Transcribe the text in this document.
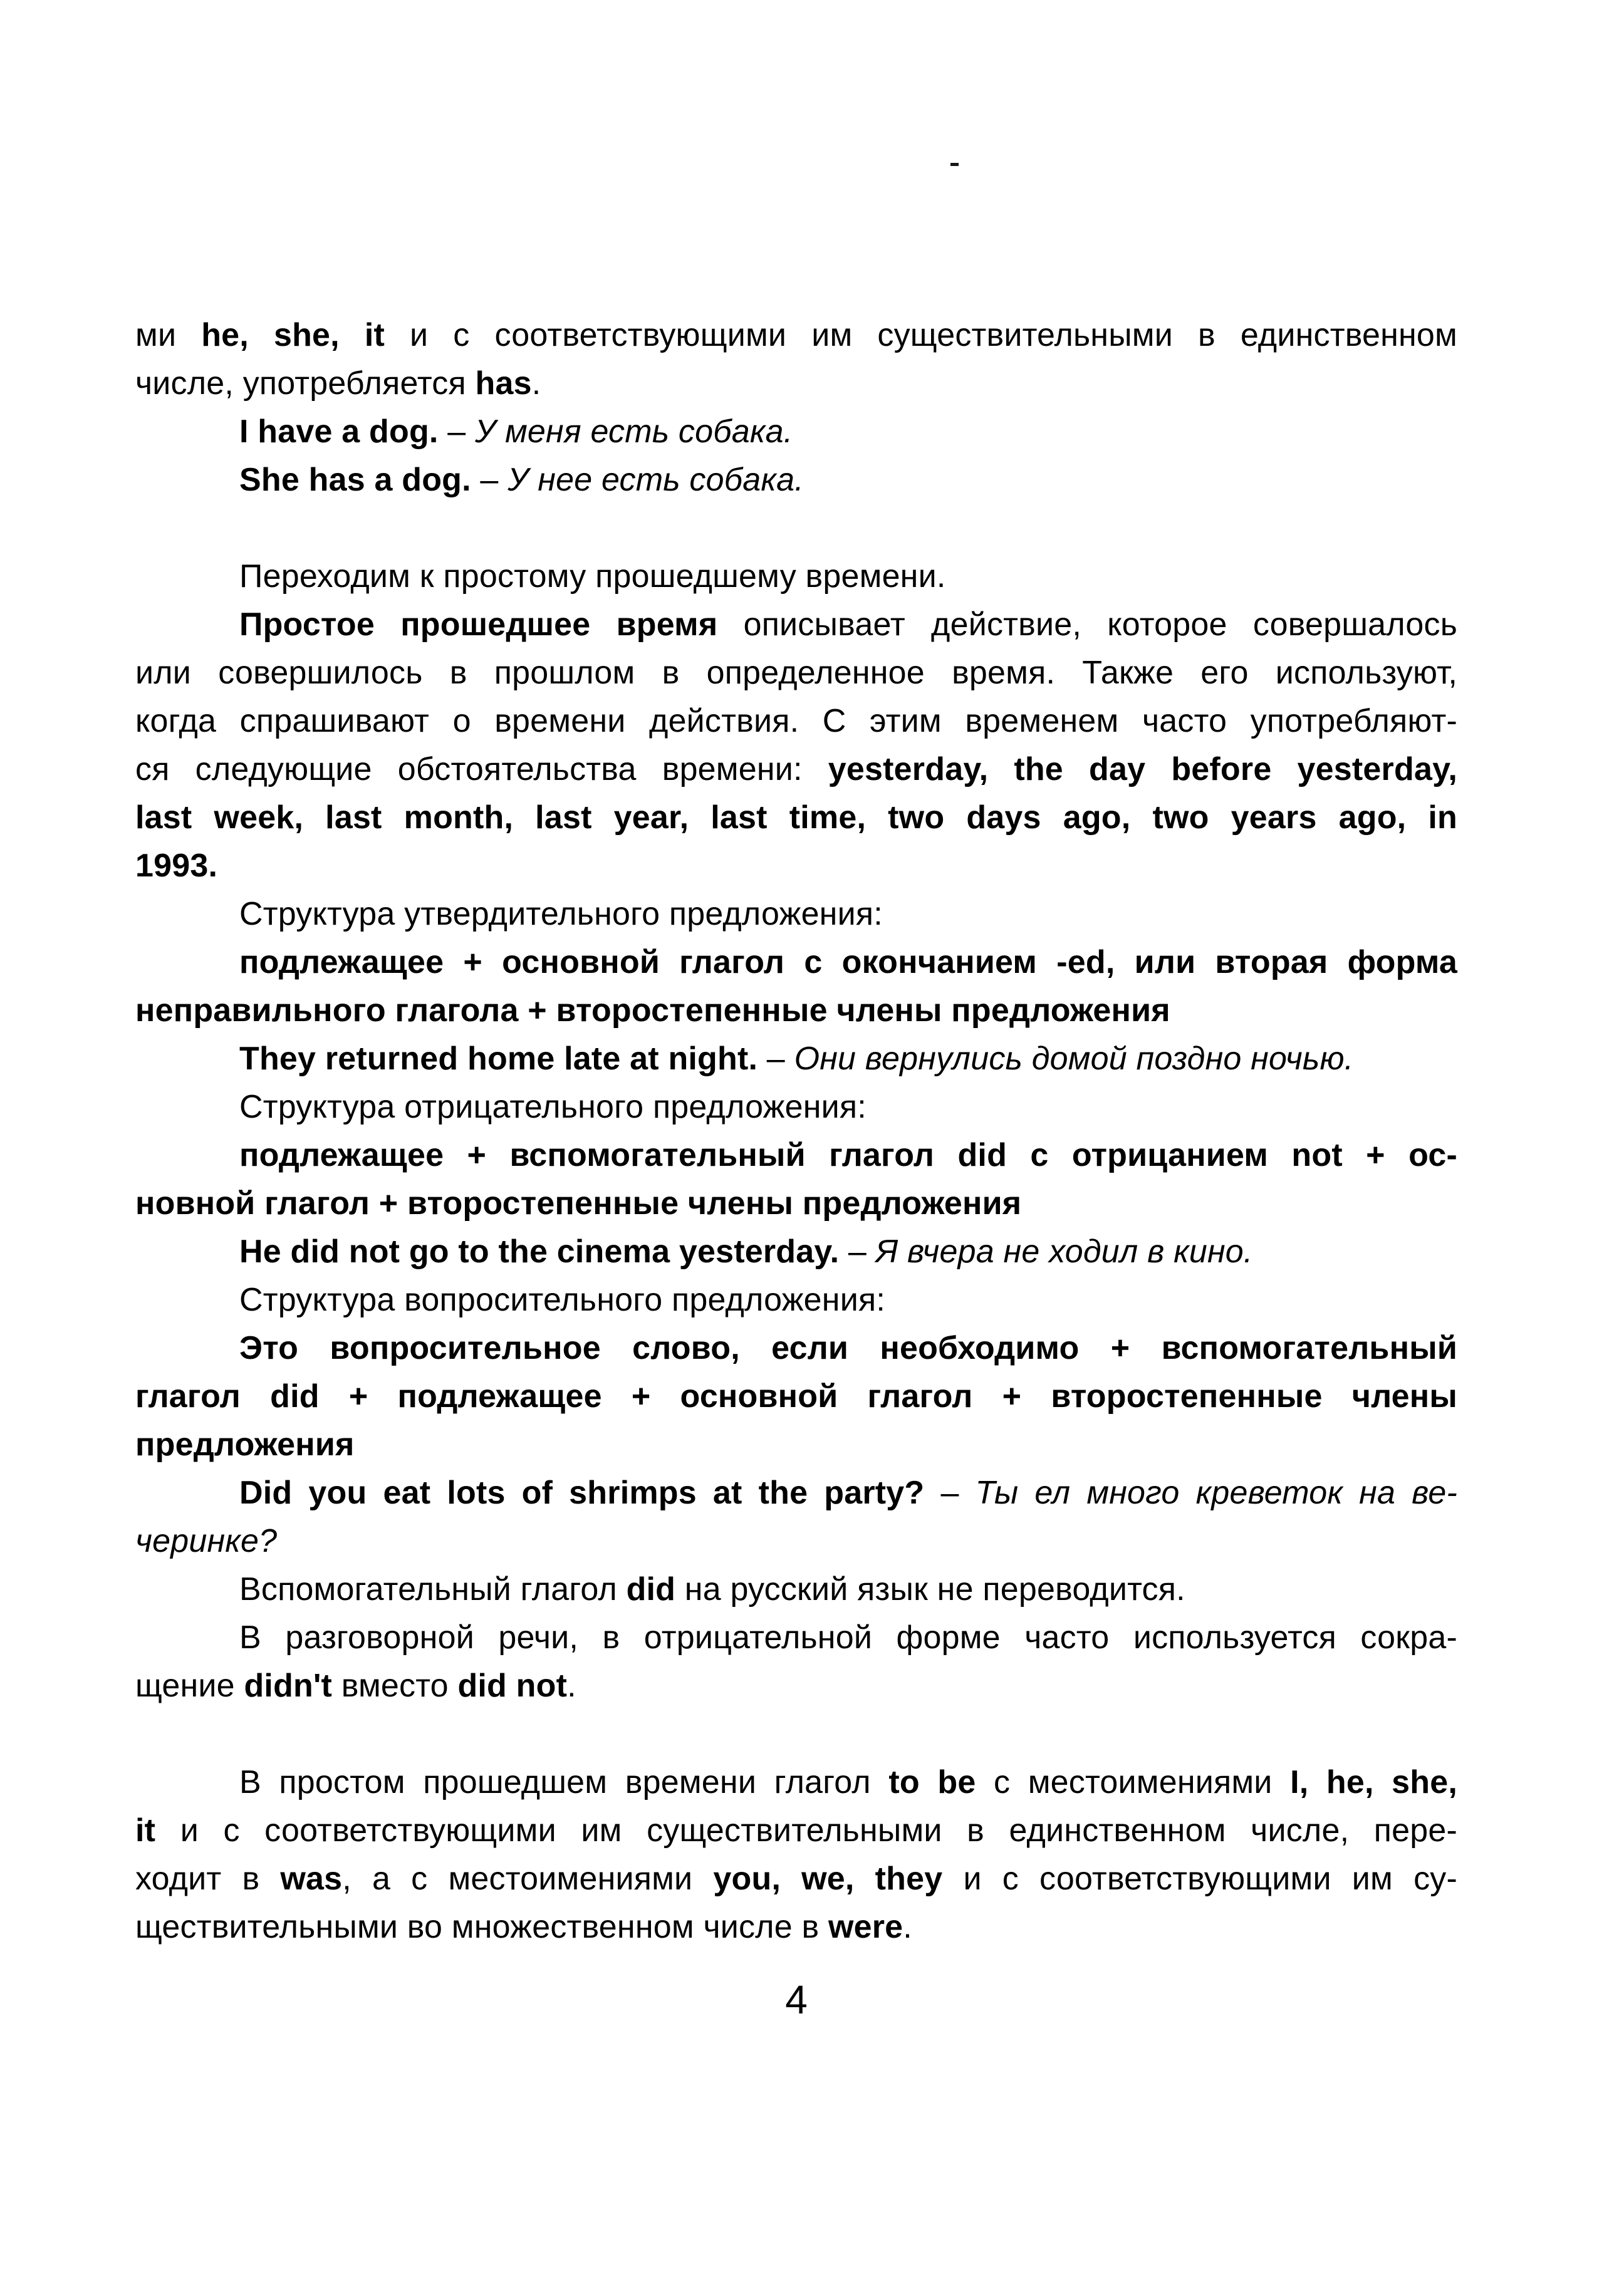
ми he, she, it и с соответствующими им существительными в единственном
числе, употребляется has.
I have a dog. – У меня есть собака.
She has a dog. – У нее есть собака.
Переходим к простому прошедшему времени.
Простое прошедшее время описывает действие, которое совершалось
или совершилось в прошлом в определенное время. Также его используют,
когда спрашивают о времени действия. С этим временем часто употребляют-
ся следующие обстоятельства времени: yesterday, the day before yesterday,
last week, last month, last year, last time, two days ago, two years ago, in
1993.
Структура утвердительного предложения:
подлежащее + основной глагол с окончанием -ed, или вторая форма
неправильного глагола + второстепенные члены предложения
They returned home late at night. – Они вернулись домой поздно ночью.
Структура отрицательного предложения:
подлежащее + вспомогательный глагол did с отрицанием not + ос-
новной глагол + второстепенные члены предложения
He did not go to the cinema yesterday. – Я вчера не ходил в кино.
Структура вопросительного предложения:
Это вопросительное слово, если необходимо + вспомогательный
глагол did + подлежащее + основной глагол + второстепенные члены
предложения
Did you eat lots of shrimps at the party? – Ты ел много креветок на ве-
черинке?
Вспомогательный глагол did на русский язык не переводится.
В разговорной речи, в отрицательной форме часто используется сокра-
щение didn't вместо did not.
В простом прошедшем времени глагол to be с местоимениями I, he, she,
it и с соответствующими им существительными в единственном числе, пере-
ходит в was, а с местоимениями you, we, they и с соответствующими им су-
ществительными во множественном числе в were.
4
